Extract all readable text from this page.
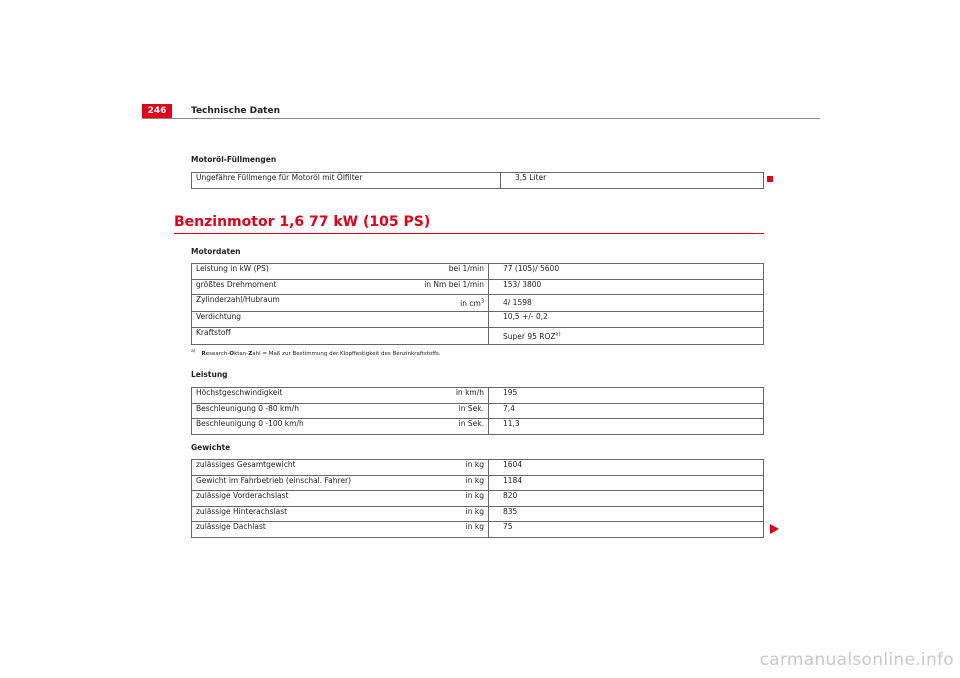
246	Technische Daten
Motoröl-Füllmengen
Ungefähre Füllmenge für Motoröl mit Ölfilter	3,5 Liter
Benzinmotor 1,6 77 kW (105 PS)
Motordaten
Leistung in kW (PS)	bei 1/min	77 (105)/ 5600
größtes Drehmoment	in Nm bei 1/min	153/ 3800
Zylinderzahl/Hubraum	in $cm^3$	4/ 1598
Verdichtung		10,5 +/- 0,2
Kraftstoff		Super 95 ROZ$^{a)}$
$^{a)}$ Research-Oktan-Zahl = Maß zur Bestimmung der Klopffestigkeit des Benzinkraftstoffs.
Leistung
Höchstgeschwindigkeit	in km/h	195
Beschleunigung 0 -80 km/h	in Sek.	7,4
Beschleunigung 0 -100 km/h	in Sek.	11,3
Gewichte
zulässiges Gesamtgewicht	in kg	1604
Gewicht im Fahrbetrieb (einschal. Fahrer)	in kg	1184
zulässige Vorderachslast	in kg	820
zulässige Hinterachslast	in kg	835
zulässige Dachlast	in kg	75
carmanualsonline.info
